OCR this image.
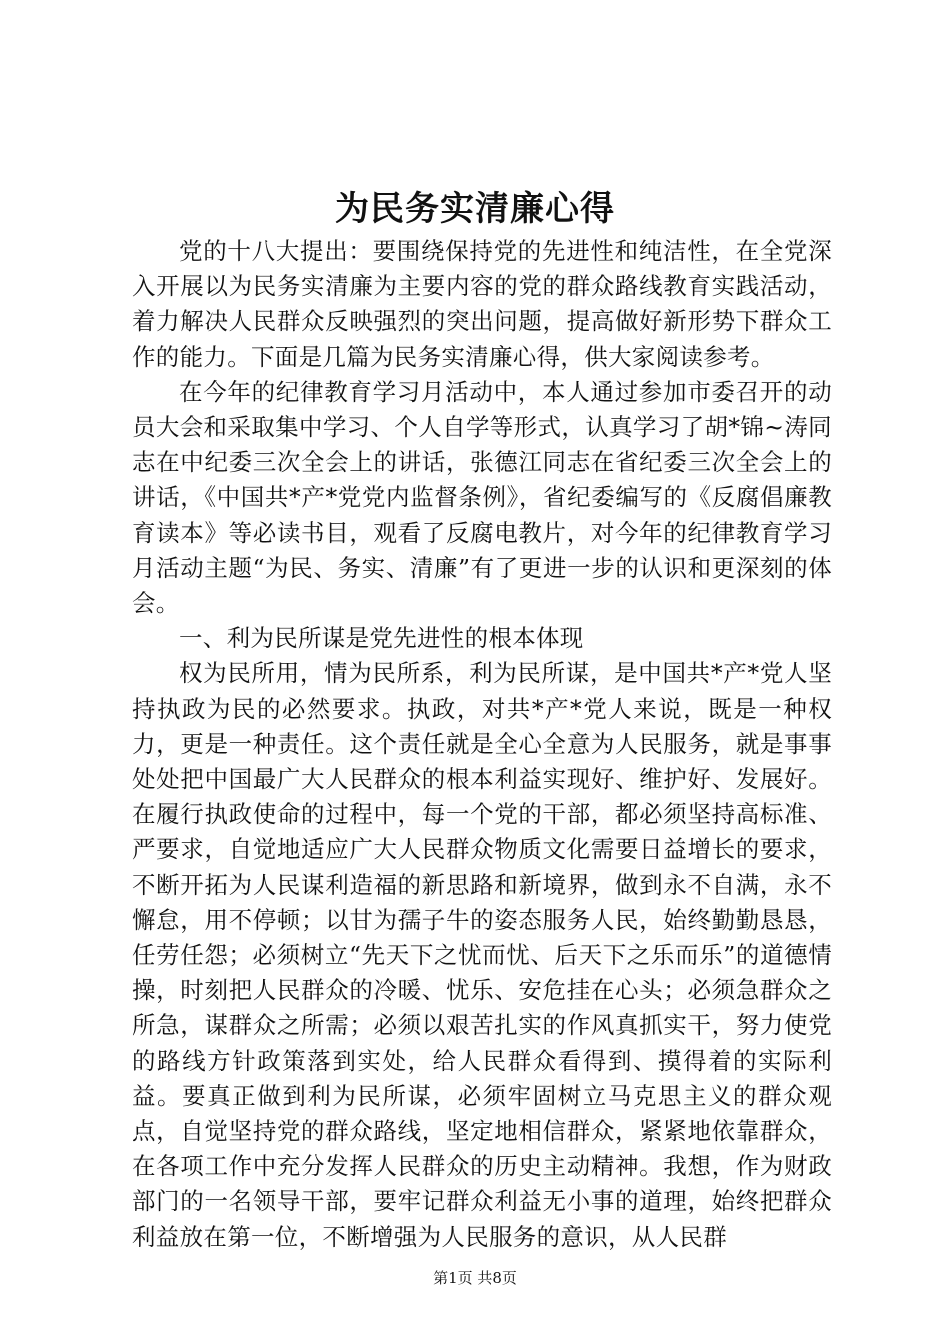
为民务实清廉心得

党的十八大提出：要围绕保持党的先进性和纯洁性，在全党深入开展以为民务实清廉为主要内容的党的群众路线教育实践活动，着力解决人民群众反映强烈的突出问题，提高做好新形势下群众工作的能力。下面是几篇为民务实清廉心得，供大家阅读参考。

在今年的纪律教育学习月活动中，本人通过参加市委召开的动员大会和采取集中学习、个人自学等形式，认真学习了胡*锦~涛同志在中纪委三次全会上的讲话，张德江同志在省纪委三次全会上的讲话，《中国共*产*党党内监督条例》，省纪委编写的《反腐倡廉教育读本》等必读书目，观看了反腐电教片，对今年的纪律教育学习月活动主题“为民、务实、清廉”有了更进一步的认识和更深刻的体会。

一、利为民所谋是党先进性的根本体现

权为民所用，情为民所系，利为民所谋，是中国共*产*党人坚持执政为民的必然要求。执政，对共*产*党人来说，既是一种权力，更是一种责任。这个责任就是全心全意为人民服务，就是事事处处把中国最广大人民群众的根本利益实现好、维护好、发展好。在履行执政使命的过程中，每一个党的干部，都必须坚持高标准、严要求，自觉地适应广大人民群众物质文化需要日益增长的要求，不断开拓为人民谋利造福的新思路和新境界，做到永不自满，永不懈怠，用不停顿；以甘为孺子牛的姿态服务人民，始终勤勤恳恳，任劳任怨；必须树立“先天下之忧而忧、后天下之乐而乐”的道德情操，时刻把人民群众的冷暖、忧乐、安危挂在心头；必须急群众之所急，谋群众之所需；必须以艰苦扎实的作风真抓实干，努力使党的路线方针政策落到实处，给人民群众看得到、摸得着的实际利益。要真正做到利为民所谋，必须牢固树立马克思主义的群众观点，自觉坚持党的群众路线，坚定地相信群众，紧紧地依靠群众，在各项工作中充分发挥人民群众的历史主动精神。我想，作为财政部门的一名领导干部，要牢记群众利益无小事的道理，始终把群众利益放在第一位，不断增强为人民服务的意识，从人民群

第1页 共8页
